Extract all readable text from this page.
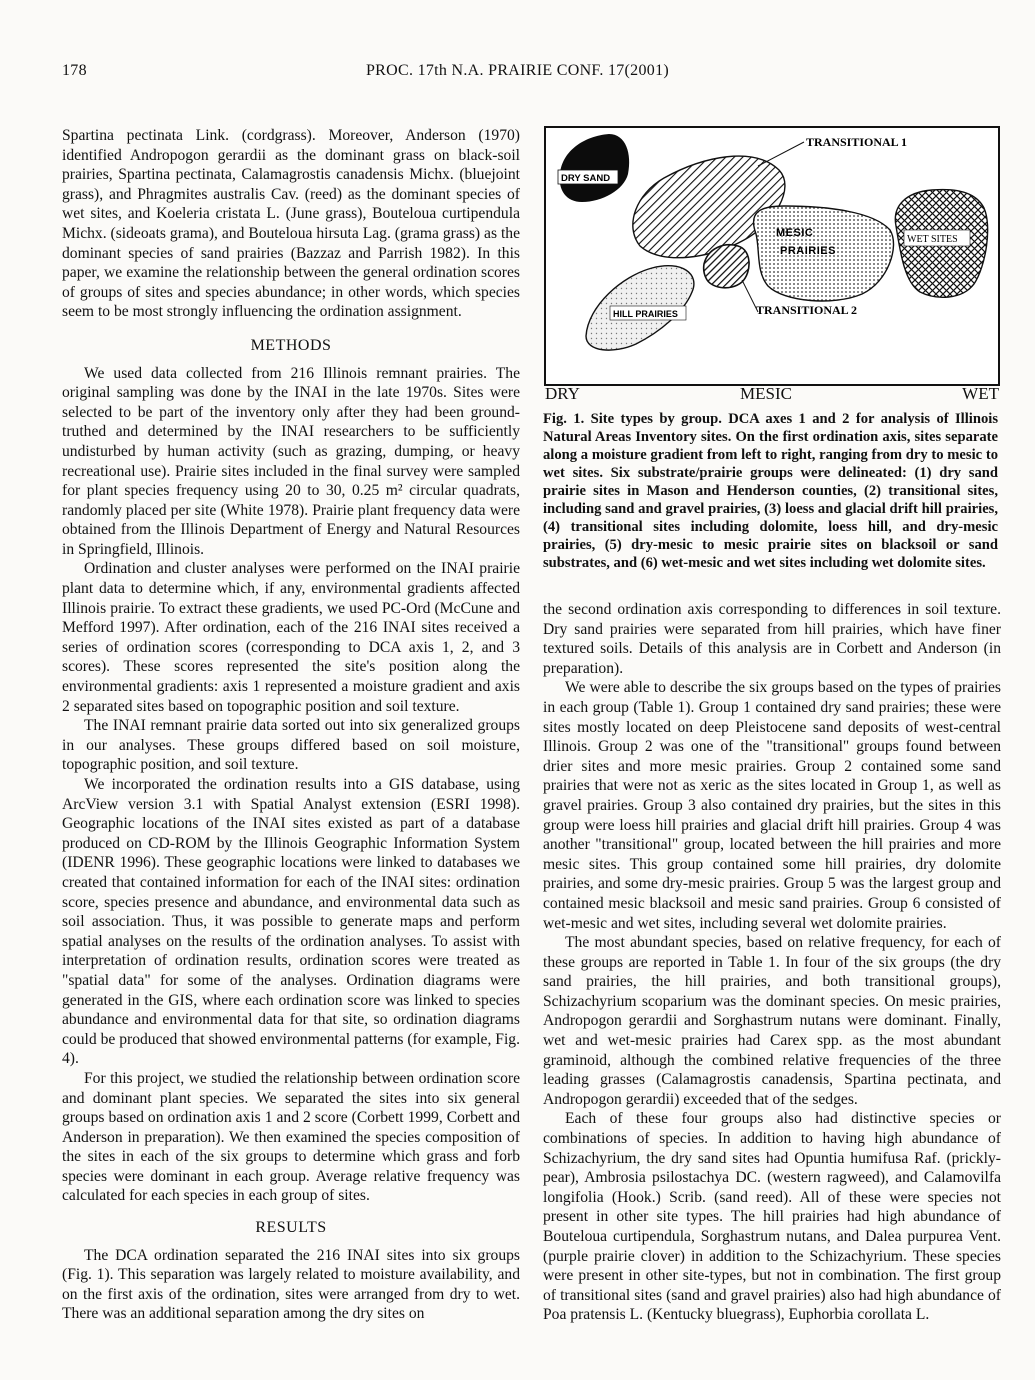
178	PROC. 17th N.A. PRAIRIE CONF. 17(2001)

Spartina pectinata Link. (cordgrass). Moreover, Anderson (1970) identified Andropogon gerardii as the dominant grass on black-soil prairies, Spartina pectinata, Calamagrostis canadensis Michx. (bluejoint grass), and Phragmites australis Cav. (reed) as the dominant species of wet sites, and Koeleria cristata L. (June grass), Bouteloua curtipendula Michx. (sideoats grama), and Bouteloua hirsuta Lag. (grama grass) as the dominant species of sand prairies (Bazzaz and Parrish 1982). In this paper, we examine the relationship between the general ordination scores of groups of sites and species abundance; in other words, which species seem to be most strongly influencing the ordination assignment.

METHODS

We used data collected from 216 Illinois remnant prairies. The original sampling was done by the INAI in the late 1970s. Sites were selected to be part of the inventory only after they had been ground-truthed and determined by the INAI researchers to be sufficiently undisturbed by human activity (such as grazing, dumping, or heavy recreational use). Prairie sites included in the final survey were sampled for plant species frequency using 20 to 30, 0.25 m² circular quadrats, randomly placed per site (White 1978). Prairie plant frequency data were obtained from the Illinois Department of Energy and Natural Resources in Springfield, Illinois.

Ordination and cluster analyses were performed on the INAI prairie plant data to determine which, if any, environmental gradients affected Illinois prairie. To extract these gradients, we used PC-Ord (McCune and Mefford 1997). After ordination, each of the 216 INAI sites received a series of ordination scores (corresponding to DCA axis 1, 2, and 3 scores). These scores represented the site's position along the environmental gradients: axis 1 represented a moisture gradient and axis 2 separated sites based on topographic position and soil texture.

The INAI remnant prairie data sorted out into six generalized groups in our analyses. These groups differed based on soil moisture, topographic position, and soil texture.

We incorporated the ordination results into a GIS database, using ArcView version 3.1 with Spatial Analyst extension (ESRI 1998). Geographic locations of the INAI sites existed as part of a database produced on CD-ROM by the Illinois Geographic Information System (IDENR 1996). These geographic locations were linked to databases we created that contained information for each of the INAI sites: ordination score, species presence and abundance, and environmental data such as soil association. Thus, it was possible to generate maps and perform spatial analyses on the results of the ordination analyses. To assist with interpretation of ordination results, ordination scores were treated as "spatial data" for some of the analyses. Ordination diagrams were generated in the GIS, where each ordination score was linked to species abundance and environmental data for that site, so ordination diagrams could be produced that showed environmental patterns (for example, Fig. 4).

For this project, we studied the relationship between ordination score and dominant plant species. We separated the sites into six general groups based on ordination axis 1 and 2 score (Corbett 1999, Corbett and Anderson in preparation). We then examined the species composition of the sites in each of the six groups to determine which grass and forb species were dominant in each group. Average relative frequency was calculated for each species in each group of sites.

RESULTS

The DCA ordination separated the 216 INAI sites into six groups (Fig. 1). This separation was largely related to moisture availability, and on the first axis of the ordination, sites were arranged from dry to wet. There was an additional separation among the dry sites on

DRY SAND
TRANSITIONAL 1
MESIC
PRAIRIES
WET SITES
TRANSITIONAL 2
HILL PRAIRIES
DRY	MESIC	WET
Fig. 1. Site types by group. DCA axes 1 and 2 for analysis of Illinois Natural Areas Inventory sites. On the first ordination axis, sites separate along a moisture gradient from left to right, ranging from dry to mesic to wet sites. Six substrate/prairie groups were delineated: (1) dry sand prairie sites in Mason and Henderson counties, (2) transitional sites, including sand and gravel prairies, (3) loess and glacial drift hill prairies, (4) transitional sites including dolomite, loess hill, and dry-mesic prairies, (5) dry-mesic to mesic prairie sites on blacksoil or sand substrates, and (6) wet-mesic and wet sites including wet dolomite sites.

the second ordination axis corresponding to differences in soil texture. Dry sand prairies were separated from hill prairies, which have finer textured soils. Details of this analysis are in Corbett and Anderson (in preparation).

We were able to describe the six groups based on the types of prairies in each group (Table 1). Group 1 contained dry sand prairies; these were sites mostly located on deep Pleistocene sand deposits of west-central Illinois. Group 2 was one of the "transitional" groups found between drier sites and more mesic prairies. Group 2 contained some sand prairies that were not as xeric as the sites located in Group 1, as well as gravel prairies. Group 3 also contained dry prairies, but the sites in this group were loess hill prairies and glacial drift hill prairies. Group 4 was another "transitional" group, located between the hill prairies and more mesic sites. This group contained some hill prairies, dry dolomite prairies, and some dry-mesic prairies. Group 5 was the largest group and contained mesic blacksoil and mesic sand prairies. Group 6 consisted of wet-mesic and wet sites, including several wet dolomite prairies.

The most abundant species, based on relative frequency, for each of these groups are reported in Table 1. In four of the six groups (the dry sand prairies, the hill prairies, and both transitional groups), Schizachyrium scoparium was the dominant species. On mesic prairies, Andropogon gerardii and Sorghastrum nutans were dominant. Finally, wet and wet-mesic prairies had Carex spp. as the most abundant graminoid, although the combined relative frequencies of the three leading grasses (Calamagrostis canadensis, Spartina pectinata, and Andropogon gerardii) exceeded that of the sedges.

Each of these four groups also had distinctive species or combinations of species. In addition to having high abundance of Schizachyrium, the dry sand sites had Opuntia humifusa Raf. (prickly-pear), Ambrosia psilostachya DC. (western ragweed), and Calamovilfa longifolia (Hook.) Scrib. (sand reed). All of these were species not present in other site types. The hill prairies had high abundance of Bouteloua curtipendula, Sorghastrum nutans, and Dalea purpurea Vent. (purple prairie clover) in addition to the Schizachyrium. These species were present in other site-types, but not in combination. The first group of transitional sites (sand and gravel prairies) also had high abundance of Poa pratensis L. (Kentucky bluegrass), Euphorbia corollata L.
